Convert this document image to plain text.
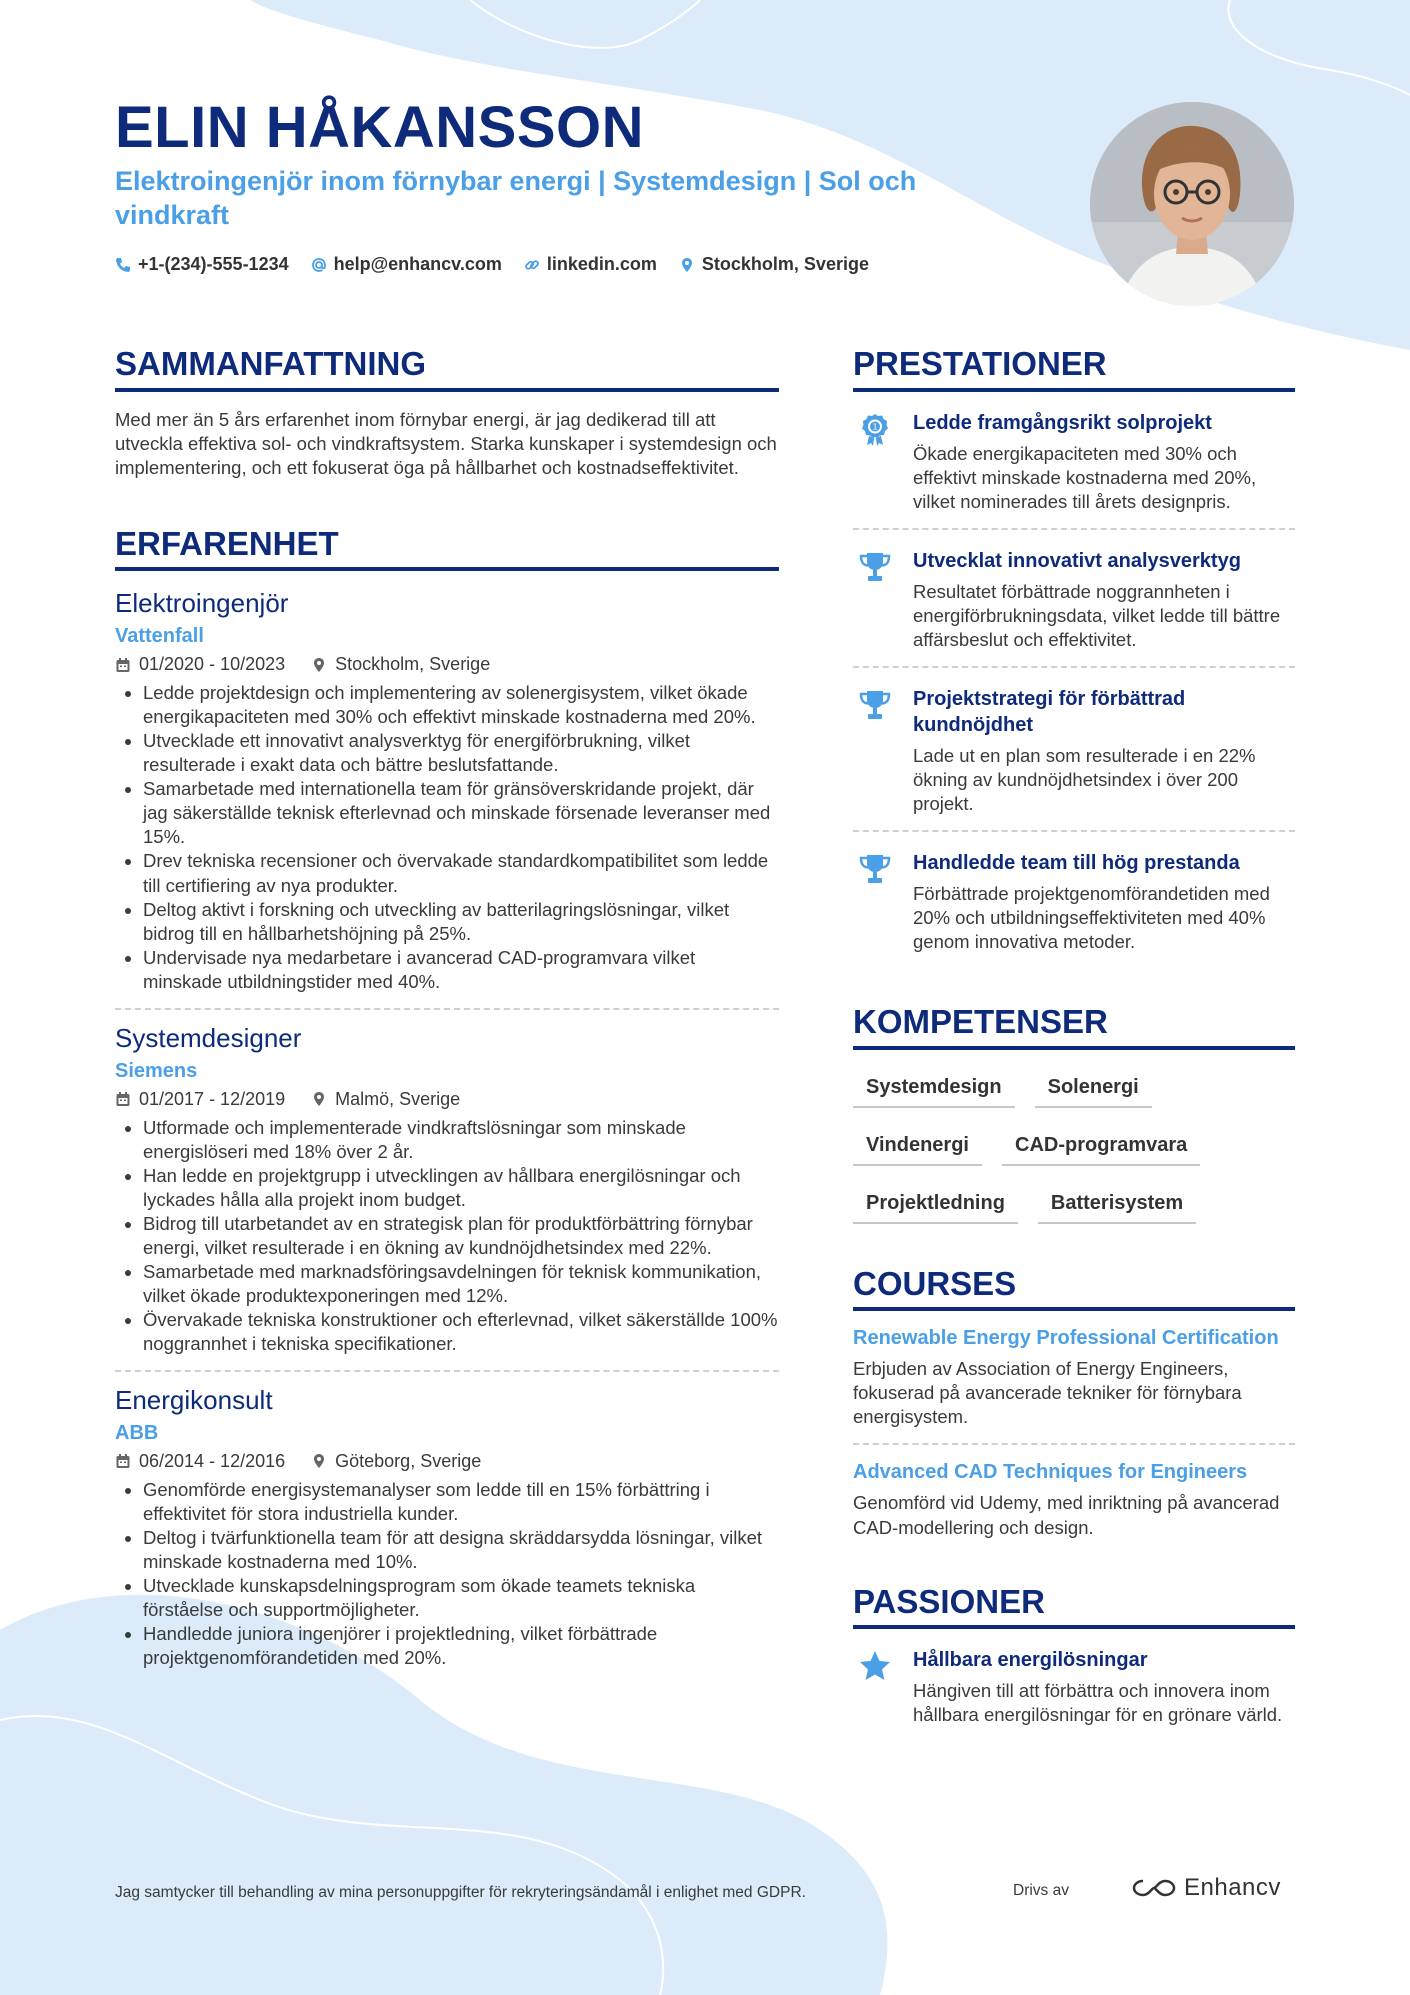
ELIN HÅKANSSON

Elektroingenjör inom förnybar energi | Systemdesign | Sol och vindkraft

+1-(234)-555-1234	help@enhancv.com	linkedin.com	Stockholm, Sverige
SAMMANFATTNING

Med mer än 5 års erfarenhet inom förnybar energi, är jag dedikerad till att utveckla effektiva sol- och vindkraftsystem. Starka kunskaper i systemdesign och implementering, och ett fokuserat öga på hållbarhet och kostnadseffektivitet.

ERFARENHET

Elektroingenjör

Vattenfall

01/2020 - 10/2023	Stockholm, Sverige
• Ledde projektdesign och implementering av solenergisystem, vilket ökade energikapaciteten med 30% och effektivt minskade kostnaderna med 20%.
• Utvecklade ett innovativt analysverktyg för energiförbrukning, vilket resulterade i exakt data och bättre beslutsfattande.
• Samarbetade med internationella team för gränsöverskridande projekt, där jag säkerställde teknisk efterlevnad och minskade försenade leveranser med 15%.
• Drev tekniska recensioner och övervakade standardkompatibilitet som ledde till certifiering av nya produkter.
• Deltog aktivt i forskning och utveckling av batterilagringslösningar, vilket bidrog till en hållbarhetshöjning på 25%.
• Undervisade nya medarbetare i avancerad CAD-programvara vilket minskade utbildningstider med 40%.

Systemdesigner

Siemens

01/2017 - 12/2019	Malmö, Sverige
• Utformade och implementerade vindkraftslösningar som minskade energislöseri med 18% över 2 år.
• Han ledde en projektgrupp i utvecklingen av hållbara energilösningar och lyckades hålla alla projekt inom budget.
• Bidrog till utarbetandet av en strategisk plan för produktförbättring förnybar energi, vilket resulterade i en ökning av kundnöjdhetsindex med 22%.
• Samarbetade med marknadsföringsavdelningen för teknisk kommunikation, vilket ökade produktexponeringen med 12%.
• Övervakade tekniska konstruktioner och efterlevnad, vilket säkerställde 100% noggrannhet i tekniska specifikationer.

Energikonsult

ABB

06/2014 - 12/2016	Göteborg, Sverige
• Genomförde energisystemanalyser som ledde till en 15% förbättring i effektivitet för stora industriella kunder.
• Deltog i tvärfunktionella team för att designa skräddarsydda lösningar, vilket minskade kostnaderna med 10%.
• Utvecklade kunskapsdelningsprogram som ökade teamets tekniska förståelse och supportmöjligheter.
• Handledde juniora ingenjörer i projektledning, vilket förbättrade projektgenomförandetiden med 20%.
PRESTATIONER
1 Ledde framgångsrikt solprojekt

Ökade energikapaciteten med 30% och effektivt minskade kostnaderna med 20%, vilket nominerades till årets designpris.

Utvecklat innovativt analysverktyg

Resultatet förbättrade noggrannheten i energiförbrukningsdata, vilket ledde till bättre affärsbeslut och effektivitet.

Projektstrategi för förbättrad kundnöjdhet

Lade ut en plan som resulterade i en 22% ökning av kundnöjdhetsindex i över 200 projekt.

Handledde team till hög prestanda

Förbättrade projektgenomförandetiden med 20% och utbildningseffektiviteten med 40% genom innovativa metoder.

KOMPETENSER
Systemdesign	Solenergi
Vindenergi	CAD-programvara
Projektledning	Batterisystem
COURSES

Renewable Energy Professional Certification

Erbjuden av Association of Energy Engineers, fokuserad på avancerade tekniker för förnybara energisystem.

Advanced CAD Techniques for Engineers

Genomförd vid Udemy, med inriktning på avancerad CAD-modellering och design.

PASSIONER

Hållbara energilösningar

Hängiven till att förbättra och innovera inom hållbara energilösningar för en grönare värld.

Jag samtycker till behandling av mina personuppgifter för rekryteringsändamål i enlighet med GDPR.	Drivs av	Enhancv
